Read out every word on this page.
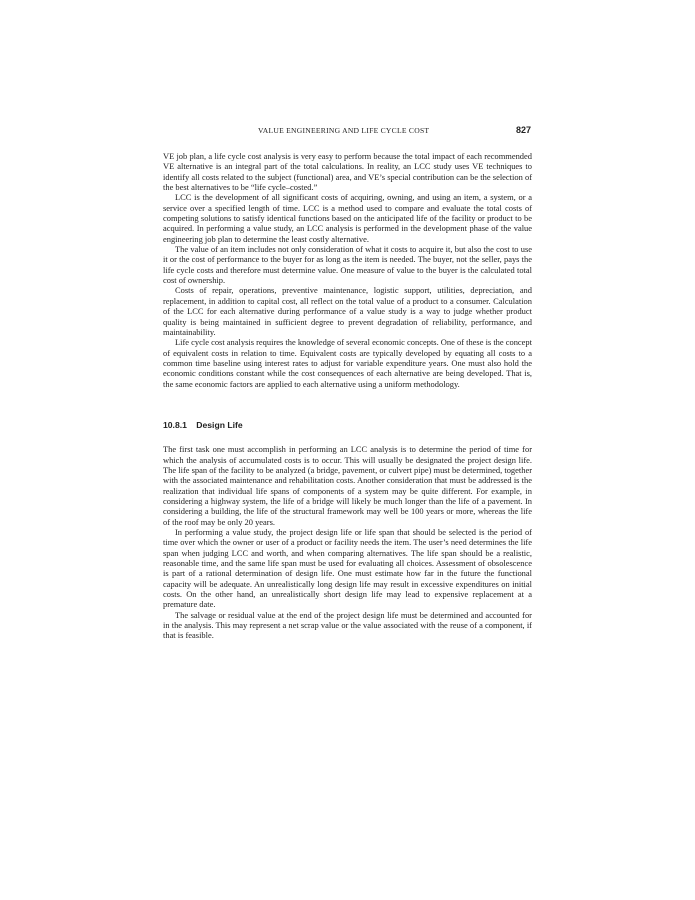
VALUE ENGINEERING AND LIFE CYCLE COST	827

VE job plan, a life cycle cost analysis is very easy to perform because the total impact of each recommended VE alternative is an integral part of the total calculations. In reality, an LCC study uses VE techniques to identify all costs related to the subject (functional) area, and VE’s special contribution can be the selection of the best alternatives to be “life cycle–costed.”

LCC is the development of all significant costs of acquiring, owning, and using an item, a system, or a service over a specified length of time. LCC is a method used to compare and evaluate the total costs of competing solutions to satisfy identical functions based on the anticipated life of the facility or product to be acquired. In performing a value study, an LCC analysis is performed in the development phase of the value engineering job plan to determine the least costly alternative.

The value of an item includes not only consideration of what it costs to acquire it, but also the cost to use it or the cost of performance to the buyer for as long as the item is needed. The buyer, not the seller, pays the life cycle costs and therefore must determine value. One measure of value to the buyer is the calculated total cost of ownership.

Costs of repair, operations, preventive maintenance, logistic support, utilities, depreciation, and replacement, in addition to capital cost, all reflect on the total value of a product to a consumer. Calculation of the LCC for each alternative during performance of a value study is a way to judge whether product quality is being maintained in sufficient degree to prevent degradation of reliability, performance, and maintainability.

Life cycle cost analysis requires the knowledge of several economic concepts. One of these is the concept of equivalent costs in relation to time. Equivalent costs are typically developed by equating all costs to a common time baseline using interest rates to adjust for variable expenditure years. One must also hold the economic conditions constant while the cost consequences of each alternative are being developed. That is, the same economic factors are applied to each alternative using a uniform methodology.

10.8.1 Design Life

The first task one must accomplish in performing an LCC analysis is to determine the period of time for which the analysis of accumulated costs is to occur. This will usually be designated the project design life. The life span of the facility to be analyzed (a bridge, pavement, or culvert pipe) must be determined, together with the associated maintenance and rehabilitation costs. Another consideration that must be addressed is the realization that individual life spans of components of a system may be quite different. For example, in considering a highway system, the life of a bridge will likely be much longer than the life of a pavement. In considering a building, the life of the structural framework may well be 100 years or more, whereas the life of the roof may be only 20 years.

In performing a value study, the project design life or life span that should be selected is the period of time over which the owner or user of a product or facility needs the item. The user’s need determines the life span when judging LCC and worth, and when comparing alternatives. The life span should be a realistic, reasonable time, and the same life span must be used for evaluating all choices. Assessment of obsolescence is part of a rational determination of design life. One must estimate how far in the future the functional capacity will be adequate. An unrealistically long design life may result in excessive expenditures on initial costs. On the other hand, an unrealistically short design life may lead to expensive replacement at a premature date.

The salvage or residual value at the end of the project design life must be determined and accounted for in the analysis. This may represent a net scrap value or the value associated with the reuse of a component, if that is feasible.
